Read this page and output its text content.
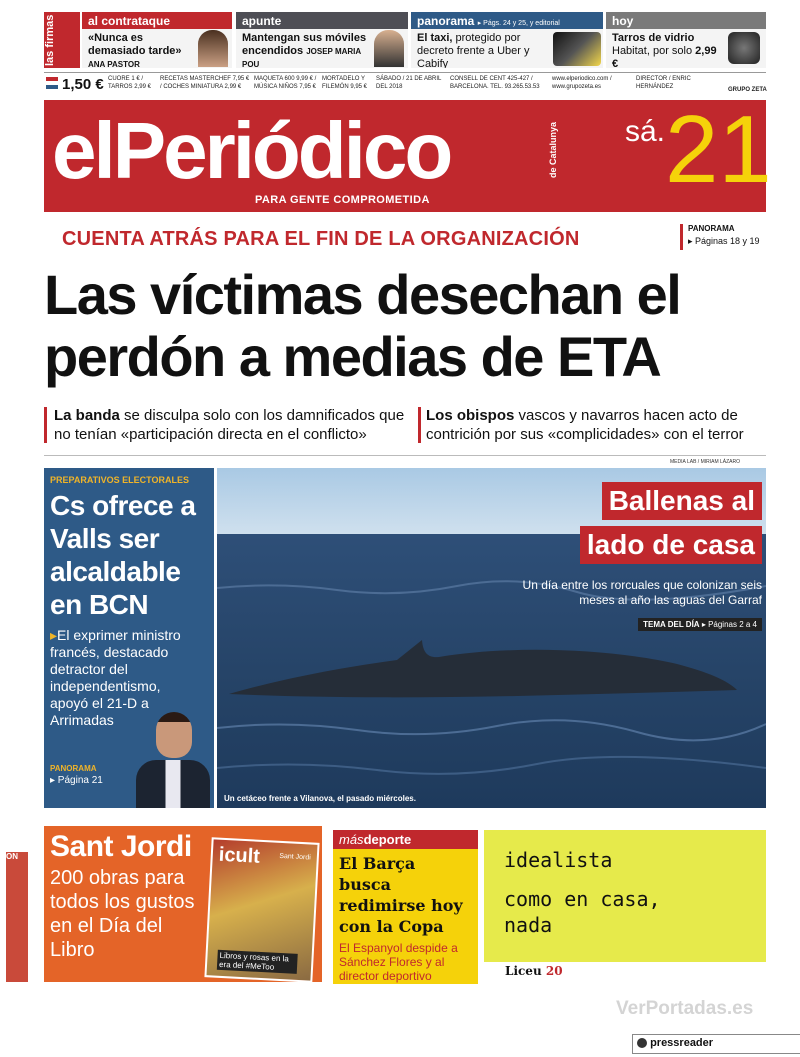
las firmas	al contrataque
«Nunca es demasiado tarde» ANA PASTOR
apunte
Mantengan sus móviles encendidos JOSEP MARIA POU
panorama ▸ Págs. 24 y 25, y editorial
El taxi, protegido por decreto frente a Uber y Cabify
hoy
Tarros de vidrio
Habitat, por solo 2,99 €
1,50 € CUORE 1 € / TARROS 2,99 €
RECETAS MASTERCHEF 7,95 € / COCHES MINIATURA 2,99 €
MAQUETA 600 9,99 € / MÚSICA NIÑOS 7,95 €
MORTADELO Y FILEMÓN 9,95 €
SÁBADO / 21 DE ABRIL DEL 2018
CONSELL DE CENT 425-427 / BARCELONA. TEL. 93.265.53.53
www.elperiodico.com / www.grupozeta.es
DIRECTOR / ENRIC HERNÁNDEZ	GRUPO ZETA
elPeriódico	de Catalunya sá. 21
PARA GENTE COMPROMETIDA
CUENTA ATRÁS PARA EL FIN DE LA ORGANIZACIÓN	PANORAMA
▸ Páginas 18 y 19
Las víctimas desechan el perdón a medias de ETA
La banda se disculpa solo con los damnificados que no tenían «participación directa en el conflicto»
Los obispos vascos y navarros hacen acto de contrición por sus «complicidades» con el terror
MEDIA LAB / MIRIAM LÁZARO
PREPARATIVOS ELECTORALES
Cs ofrece a Valls ser alcaldable en BCN
▸El exprimer ministro francés, destacado detractor del independentismo, apoyó el 21-D a Arrimadas
PANORAMA
▸ Página 21
Ballenas al
lado de casa
Un día entre los rorcuales que colonizan seis meses al año las aguas del Garraf
TEMA DEL DÍA ▸ Páginas 2 a 4
Un cetáceo frente a Vilanova, el pasado miércoles.
ON Sant Jordi
200 obras para todos los gustos en el Día del Libro
icult	Sant Jordi
Libros y rosas en la era del #MeToo
másdeporte
El Barça busca redimirse hoy con la Copa
El Espanyol despide a Sánchez Flores y al director deportivo
idealista
como en casa, nada
Liceu 20
VerPortadas.es
pressreader
